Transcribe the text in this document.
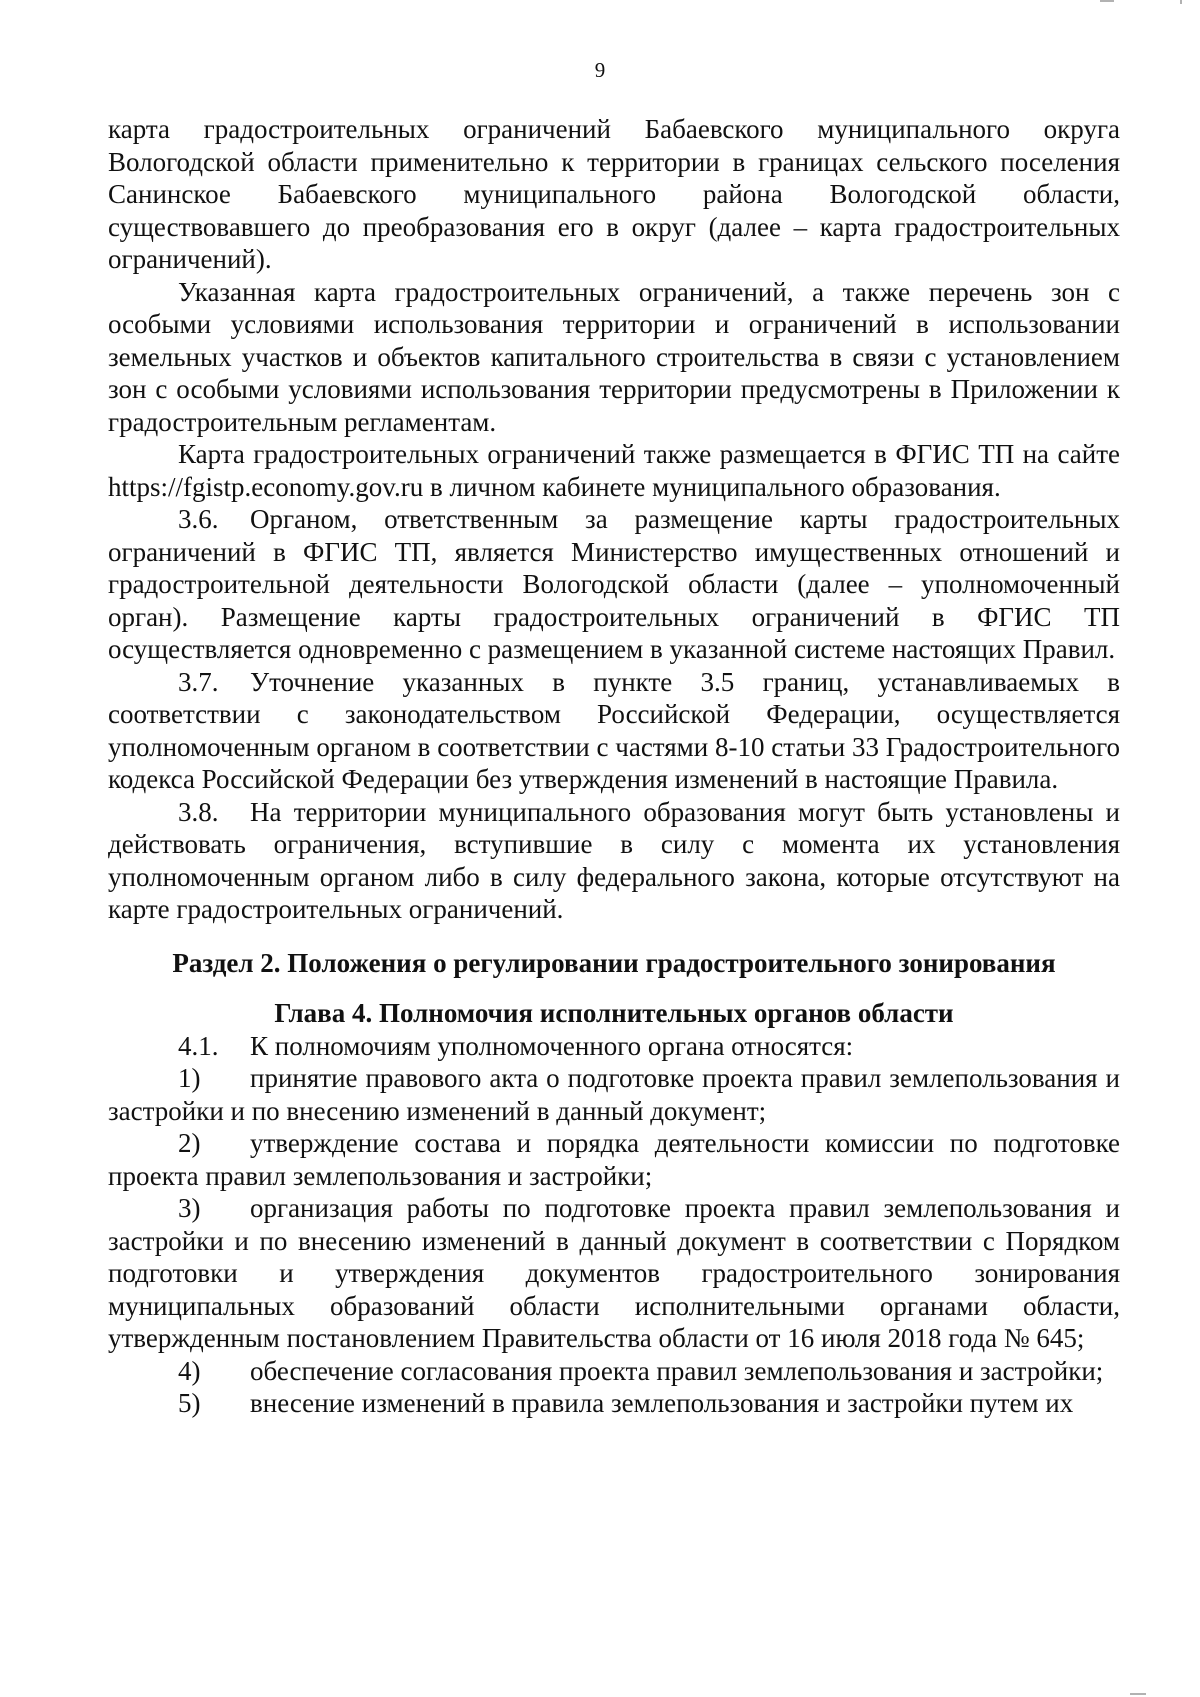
9

карта градостроительных ограничений Бабаевского муниципального округа Вологодской области применительно к территории в границах сельского поселения Санинское Бабаевского муниципального района Вологодской области, существовавшего до преобразования его в округ (далее – карта градостроительных ограничений).

Указанная карта градостроительных ограничений, а также перечень зон с особыми условиями использования территории и ограничений в использовании земельных участков и объектов капитального строительства в связи с установлением зон с особыми условиями использования территории предусмотрены в Приложении к градостроительным регламентам.

Карта градостроительных ограничений также размещается в ФГИС ТП на сайте https://fgistp.economy.gov.ru в личном кабинете муниципального образования.

3.6. Органом, ответственным за размещение карты градостроительных ограничений в ФГИС ТП, является Министерство имущественных отношений и градостроительной деятельности Вологодской области (далее – уполномоченный орган). Размещение карты градостроительных ограничений в ФГИС ТП осуществляется одновременно с размещением в указанной системе настоящих Правил.

3.7. Уточнение указанных в пункте 3.5 границ, устанавливаемых в соответствии с законодательством Российской Федерации, осуществляется уполномоченным органом в соответствии с частями 8-10 статьи 33 Градостроительного кодекса Российской Федерации без утверждения изменений в настоящие Правила.

3.8. На территории муниципального образования могут быть установлены и действовать ограничения, вступившие в силу с момента их установления уполномоченным органом либо в силу федерального закона, которые отсутствуют на карте градостроительных ограничений.

Раздел 2. Положения о регулировании градостроительного зонирования

Глава 4. Полномочия исполнительных органов области

4.1. К полномочиям уполномоченного органа относятся:

1) принятие правового акта о подготовке проекта правил землепользования и застройки и по внесению изменений в данный документ;

2) утверждение состава и порядка деятельности комиссии по подготовке проекта правил землепользования и застройки;

3) организация работы по подготовке проекта правил землепользования и застройки и по внесению изменений в данный документ в соответствии с Порядком подготовки и утверждения документов градостроительного зонирования муниципальных образований области исполнительными органами области, утвержденным постановлением Правительства области от 16 июля 2018 года № 645;

4) обеспечение согласования проекта правил землепользования и застройки;

5) внесение изменений в правила землепользования и застройки путем их
